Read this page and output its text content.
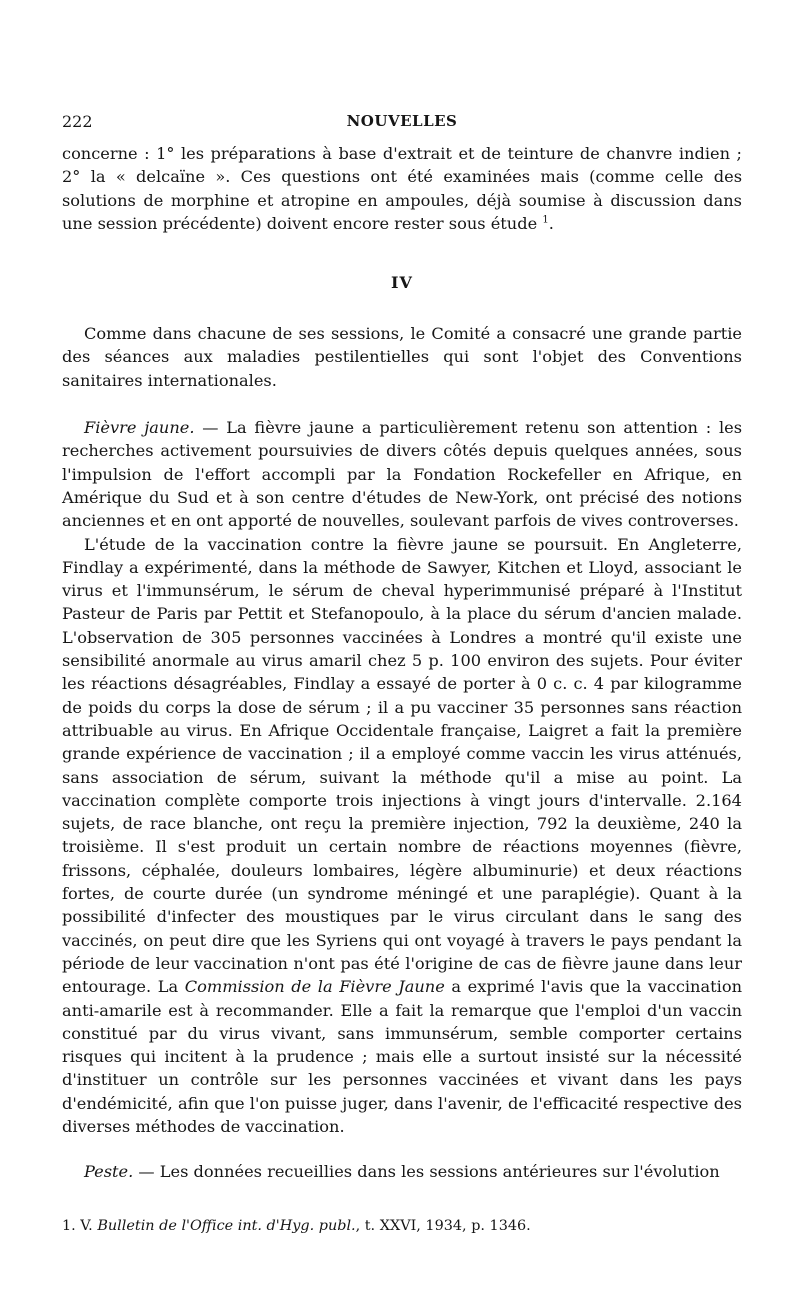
222	NOUVELLES

concerne : 1° les préparations à base d'extrait et de teinture de chanvre indien ; 2° la « delcaïne ». Ces questions ont été examinées mais (comme celle des solutions de morphine et atropine en ampoules, déjà soumise à discussion dans une session précédente) doivent encore rester sous étude $^1$.

IV

Comme dans chacune de ses sessions, le Comité a consacré une grande partie des séances aux maladies pestilentielles qui sont l'objet des Conventions sanitaires internationales.

Fièvre jaune. — La fièvre jaune a particulièrement retenu son attention : les recherches activement poursuivies de divers côtés depuis quelques années, sous l'impulsion de l'effort accompli par la Fondation Rockefeller en Afrique, en Amérique du Sud et à son centre d'études de New-York, ont précisé des notions anciennes et en ont apporté de nouvelles, soulevant parfois de vives controverses.

L'étude de la vaccination contre la fièvre jaune se poursuit. En Angleterre, Findlay a expérimenté, dans la méthode de Sawyer, Kitchen et Lloyd, associant le virus et l'immunsérum, le sérum de cheval hyperimmunisé préparé à l'Institut Pasteur de Paris par Pettit et Stefanopoulo, à la place du sérum d'ancien malade. L'observation de 305 personnes vaccinées à Londres a montré qu'il existe une sensibilité anormale au virus amaril chez 5 p. 100 environ des sujets. Pour éviter les réactions désagréables, Findlay a essayé de porter à 0 c. c. 4 par kilogramme de poids du corps la dose de sérum ; il a pu vacciner 35 personnes sans réaction attribuable au virus. En Afrique Occidentale française, Laigret a fait la première grande expérience de vaccination ; il a employé comme vaccin les virus atténués, sans association de sérum, suivant la méthode qu'il a mise au point. La vaccination complète comporte trois injections à vingt jours d'intervalle. 2.164 sujets, de race blanche, ont reçu la première injection, 792 la deuxième, 240 la troisième. Il s'est produit un certain nombre de réactions moyennes (fièvre, frissons, céphalée, douleurs lombaires, légère albuminurie) et deux réactions fortes, de courte durée (un syndrome méningé et une paraplégie). Quant à la possibilité d'infecter des moustiques par le virus circulant dans le sang des vaccinés, on peut dire que les Syriens qui ont voyagé à travers le pays pendant la période de leur vaccination n'ont pas été l'origine de cas de fièvre jaune dans leur entourage. La Commission de la Fièvre Jaune a exprimé l'avis que la vaccination anti-amarile est à recommander. Elle a fait la remarque que l'emploi d'un vaccin constitué par du virus vivant, sans immunsérum, semble comporter certains risques qui incitent à la prudence ; mais elle a surtout insisté sur la nécessité d'instituer un contrôle sur les personnes vaccinées et vivant dans les pays d'endémicité, afin que l'on puisse juger, dans l'avenir, de l'efficacité respective des diverses méthodes de vaccination.

Peste. — Les données recueillies dans les sessions antérieures sur l'évolution

1. V. Bulletin de l'Office int. d'Hyg. publ., t. XXVI, 1934, p. 1346.
